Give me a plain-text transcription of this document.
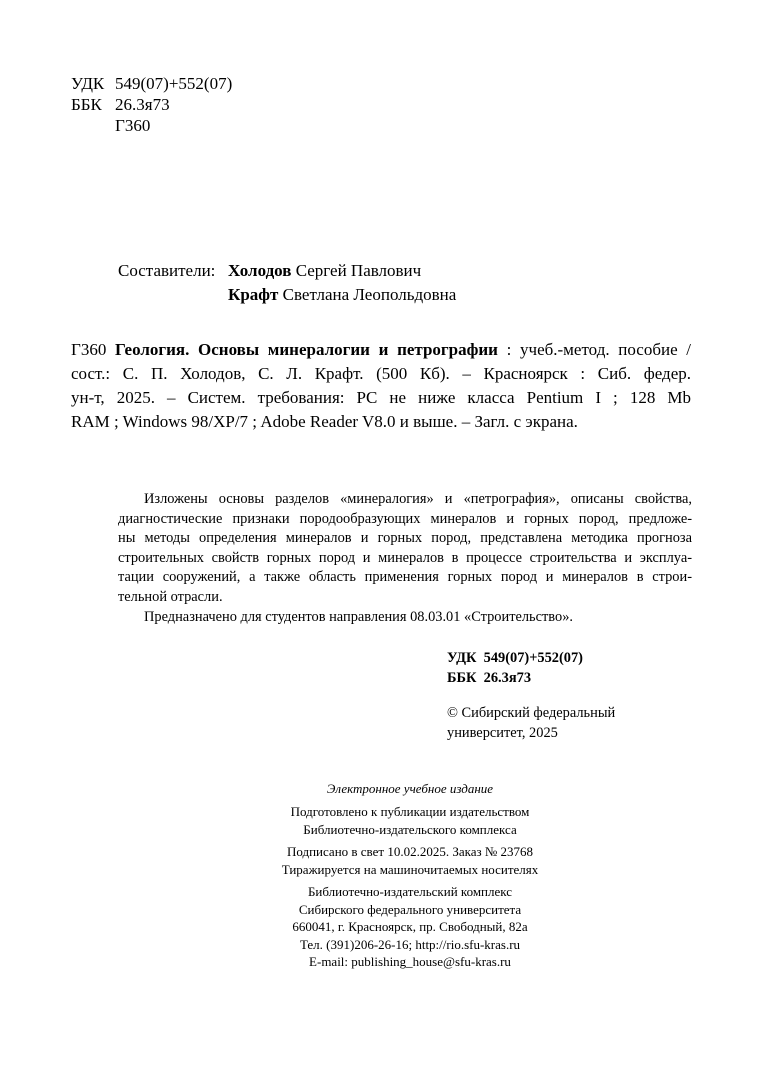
УДК 549(07)+552(07)
ББК 26.3я73
Г360
Составители: Холодов Сергей Павлович
Крафт Светлана Леопольдовна
Г360 Геология. Основы минералогии и петрографии : учеб.-метод. пособие /
сост.: С. П. Холодов, С. Л. Крафт. (500 Кб). – Красноярск : Сиб. федер.
ун-т, 2025. – Систем. требования: PC не ниже класса Pentium I ; 128 Mb
RAM ; Windows 98/XP/7 ; Adobe Reader V8.0 и выше. – Загл. с экрана.
Изложены основы разделов «минералогия» и «петрография», описаны свойства,
диагностические признаки породообразующих минералов и горных пород, предложе-
ны методы определения минералов и горных пород, представлена методика прогноза
строительных свойств горных пород и минералов в процессе строительства и эксплуа-
тации сооружений, а также область применения горных пород и минералов в строи-
тельной отрасли.
Предназначено для студентов направления 08.03.01 «Строительство».
УДК  549(07)+552(07)
ББК  26.3я73
© Сибирский федеральный
университет, 2025
Электронное учебное издание
Подготовлено к публикации издательством
Библиотечно-издательского комплекса
Подписано в свет 10.02.2025. Заказ № 23768
Тиражируется на машиночитаемых носителях
Библиотечно-издательский комплекс
Сибирского федерального университета
660041, г. Красноярск, пр. Свободный, 82а
Тел. (391)206-26-16; http://rio.sfu-kras.ru
E-mail: publishing_house@sfu-kras.ru
